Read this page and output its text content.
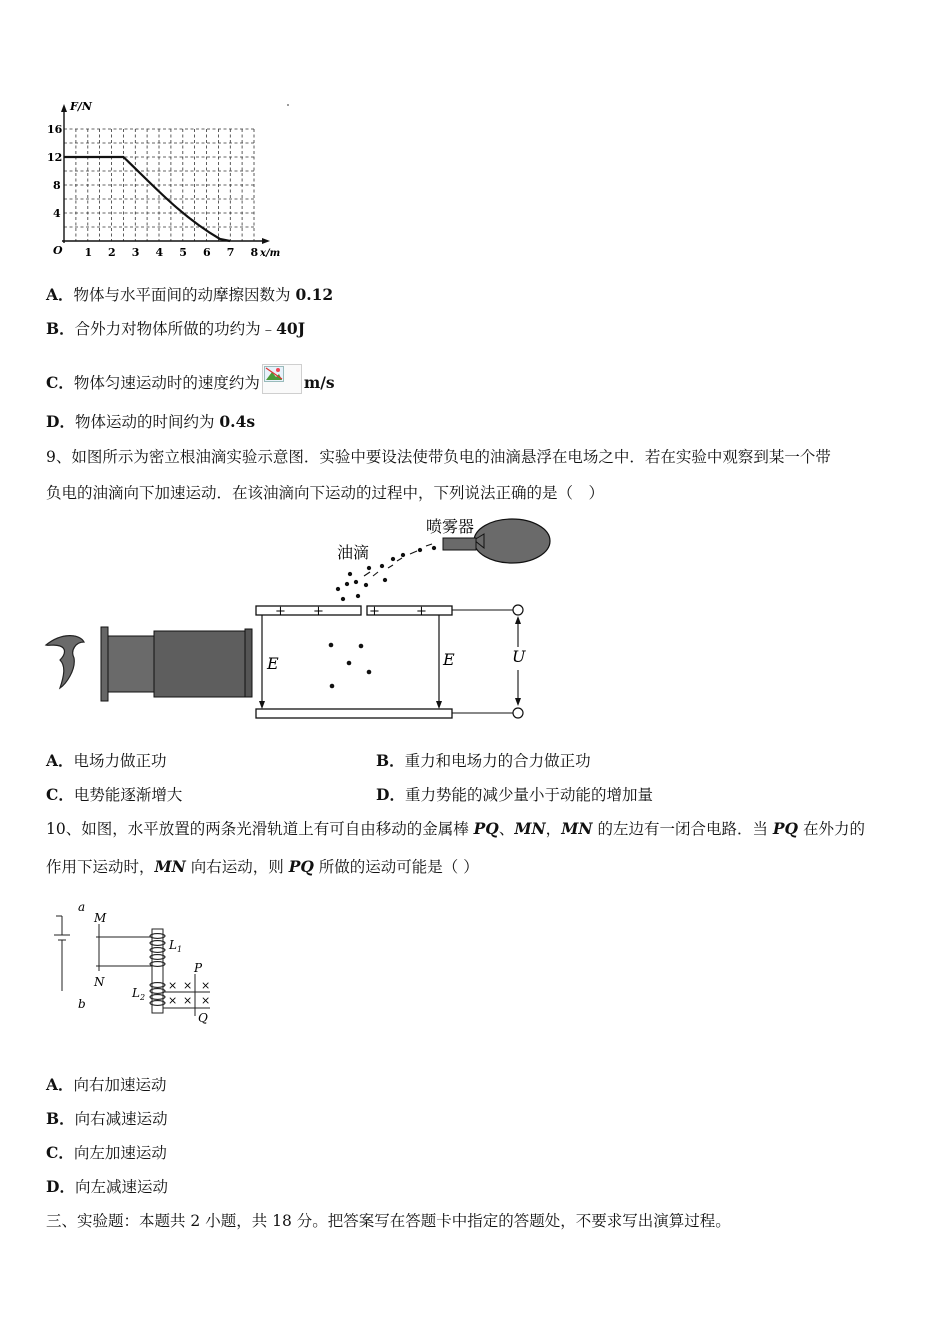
F/N
O
16
12
8
4
1 2 3 4 5 6 7 8 x/m
A．物体与水平面间的动摩擦因数为 0.12
B．合外力对物体所做的功约为﹣40J
C．物体匀速运动时的速度约为	m/s
D．物体运动的时间约为 0.4s
9、如图所示为密立根油滴实验示意图．实验中要设法使带负电的油滴悬浮在电场之中．若在实验中观察到某一个带
负电的油滴向下加速运动．在该油滴向下运动的过程中，下列说法正确的是（　）
+ +	+	+
E	E	U
喷雾器
油滴
A．电场力做正功	B．重力和电场力的合力做正功
C．电势能逐渐增大	D．重力势能的减少量小于动能的增加量
10、如图，水平放置的两条光滑轨道上有可自由移动的金属棒 PQ、MN，MN 的左边有一闭合电路．当 PQ 在外力的
作用下运动时，MN 向右运动，则 PQ 所做的运动可能是（ ）
a
b
M
N
$L_1$
$L_2$
P
Q
× × ×
× × ×
A．向右加速运动
B．向右减速运动
C．向左加速运动
D．向左减速运动
三、实验题：本题共 2 小题，共 18 分。把答案写在答题卡中指定的答题处，不要求写出演算过程。
